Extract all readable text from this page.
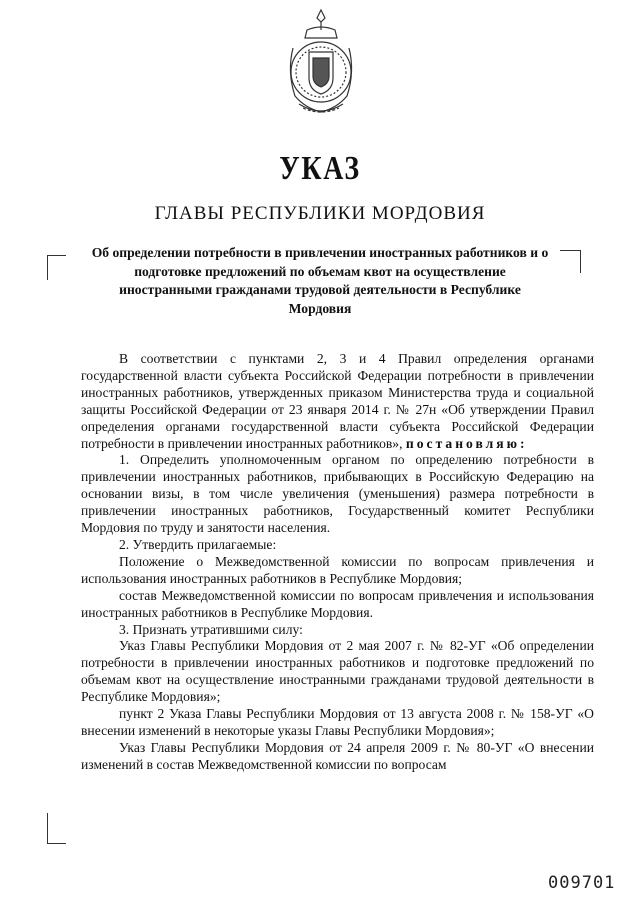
УКАЗ
ГЛАВЫ РЕСПУБЛИКИ МОРДОВИЯ
Об определении потребности в привлечении иностранных работников и о подготовке предложений по объемам квот на осуществление иностранными гражданами трудовой деятельности в Республике Мордовия

В соответствии с пунктами 2, 3 и 4 Правил определения органами государственной власти субъекта Российской Федерации потребности в привлечении иностранных работников, утвержденных приказом Министерства труда и социальной защиты Российской Федерации от 23 января 2014 г. № 27н «Об утверждении Правил определения органами государственной власти субъекта Российской Федерации потребности в привлечении иностранных работников», постановляю:

1. Определить уполномоченным органом по определению потребности в привлечении иностранных работников, прибывающих в Российскую Федерацию на основании визы, в том числе увеличения (уменьшения) размера потребности в привлечении иностранных работников, Государственный комитет Республики Мордовия по труду и занятости населения.

2. Утвердить прилагаемые:

Положение о Межведомственной комиссии по вопросам привлечения и использования иностранных работников в Республике Мордовия;

состав Межведомственной комиссии по вопросам привлечения и использования иностранных работников в Республике Мордовия.

3. Признать утратившими силу:

Указ Главы Республики Мордовия от 2 мая 2007 г. № 82-УГ «Об определении потребности в привлечении иностранных работников и подготовке предложений по объемам квот на осуществление иностранными гражданами трудовой деятельности в Республике Мордовия»;

пункт 2 Указа Главы Республики Мордовия от 13 августа 2008 г. № 158-УГ «О внесении изменений в некоторые указы Главы Республики Мордовия»;

Указ Главы Республики Мордовия от 24 апреля 2009 г. № 80-УГ «О внесении изменений в состав Межведомственной комиссии по вопросам

009701
